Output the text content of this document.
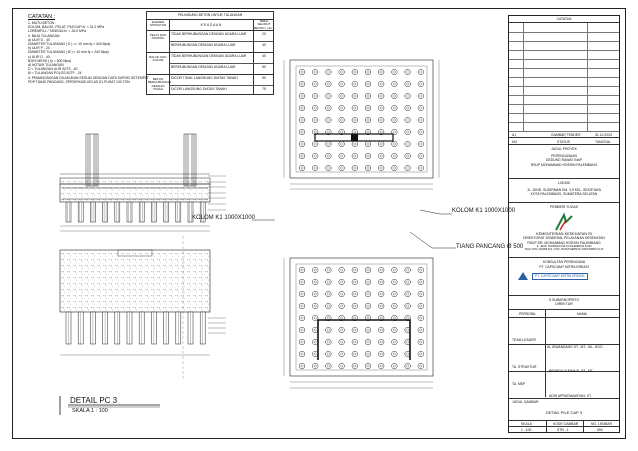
CATATAN :
1. MUTU BETON :
KOLOM, BALOK, PELAT, PILECAP fc' = 31,2 MPa
LOREMFILL / TANGGA fc' = 26,0 MPa
2. BAJA TULANGAN
a) ULIR D - 40
DIAMETER TULANGAN ( D ) >= 10 mm fy = 420 Mpa)
b) ULIR P - 24
DIAMETER TULANGAN ( Ø ) < 10 mm fy = 240 Mpa)
c) ULIR D - 40
BJKS MESH ( fy = 500 Mpa)
d) NOTASI TULANGAN
D = TULANGAN ULIR BJTS - 40
Ø = TULANGAN POLOS BJTP - 24
3. PEMANCANGAN DILAKUKAN SESUAI DENGAN DATA SURVEI SETEMPAT
PDP TIANG PANCANG, SPESIFIKASI KELAS K1 PUSAT 100 TON
PELINDUNG BETON UNTUK TULANGAN
ELEMEN STRUKTUR	K E A D A A N
TEBAL SELIMUT BETON ( mm )
PELAT DAN DINDING
TIDAK BERHUBUNGAN DENGAN UDARA LUAR	20
BERHUBUNGAN DENGAN UDARA LUAR	40
BALOK DAN KOLOM
TIDAK BERHUBUNGAN DENGAN UDARA LUAR	40
BERHUBUNGAN DENGAN UDARA LUAR	50
BETON BERHUBUNGAN DENGAN TANAH
DICOR TIDAK LANGSUNG DIATAS TANAH	50
DICOR LANGSUNG DIATAS TANAH	75
KOLOM K1 1000X1000
KOLOM K1 1000X1000
TIANG PANCANG Ø 500
DETAIL PC 3
SKALA 1 : 100
CATATAN
A1	GAMBAR TENDER	31.12.2023
NO	STATUS	TANGGAL
JUDUL PROYEK
PERENCANAAN
GEDUNG RAWAT INAP
RSUP MOHAMMAD HOESIN PALEMBANG
LOKASI
JL. JEND. SUDIRMAN KM. 3,5 KEL. SEKIPJAYA
KOTA PALEMBANG, SUMATERA SELATAN
PEMBERI TUGAS
KEMENTERIAN KESEHATAN RI
DIREKTORAT JENDERAL PELAYANAN KESEHATAN
RSUP DR. MOHAMMAD HOESIN PALEMBANG
JL. JEND. SUDIRMAN KM.3,5 PALEMBANG 30126
TELP. (0711) 354088 FAX. (0711) 351318 WEBSITE: WWW.RSMH.CO.ID
KONSULTAN PERENCANA
PT. CAPSCAMY MITRA KREASI
PT. CAPSCAMY MITRA KREASI
S.SUBARNOPRITO
DIREKTUR
PERSONIL	NAMA
TEAM LEADER
AL IDWANSANG ST., MT., IAI., HGO
TA. STRUKTUR
BRANDA YUDHA P., ST., MT
TA. MEP
ADHI APRATAMASYAH, ST
JUDUL GAMBAR
DETAIL PILE CAP 3
SKALA	KODE GAMBAR	NO. LEMBAR
1 : 100	STR - 1	094
